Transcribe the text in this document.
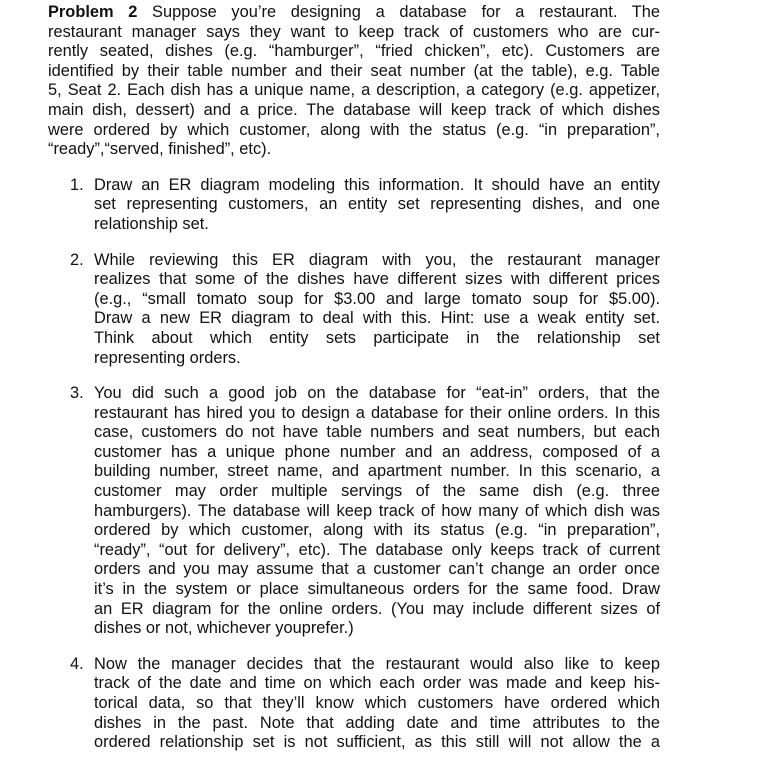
Problem 2 Suppose you’re designing a database for a restaurant. The
restaurant manager says they want to keep track of customers who are cur-
rently seated, dishes (e.g. “hamburger”, “fried chicken”, etc). Customers are
identified by their table number and their seat number (at the table), e.g. Table
5, Seat 2. Each dish has a unique name, a description, a category (e.g. appetizer,
main dish, dessert) and a price. The database will keep track of which dishes
were ordered by which customer, along with the status (e.g. “in preparation”,
“ready”,“served, finished”, etc).
1. Draw an ER diagram modeling this information. It should have an entity
set representing customers, an entity set representing dishes, and one
relationship set.
2. While reviewing this ER diagram with you, the restaurant manager
realizes that some of the dishes have different sizes with different prices
(e.g., “small tomato soup for $3.00 and large tomato soup for $5.00).
Draw a new ER diagram to deal with this. Hint: use a weak entity set.
Think about which entity sets participate in the relationship set
representing orders.
3. You did such a good job on the database for “eat-in” orders, that the
restaurant has hired you to design a database for their online orders. In this
case, customers do not have table numbers and seat numbers, but each
customer has a unique phone number and an address, composed of a
building number, street name, and apartment number. In this scenario, a
customer may order multiple servings of the same dish (e.g. three
hamburgers). The database will keep track of how many of which dish was
ordered by which customer, along with its status (e.g. “in preparation”,
“ready”, “out for delivery”, etc). The database only keeps track of current
orders and you may assume that a customer can’t change an order once
it’s in the system or place simultaneous orders for the same food. Draw
an ER diagram for the online orders. (You may include different sizes of
dishes or not, whichever youprefer.)
4. Now the manager decides that the restaurant would also like to keep
track of the date and time on which each order was made and keep his-
torical data, so that they’ll know which customers have ordered which
dishes in the past. Note that adding date and time attributes to the
ordered relationship set is not sufficient, as this still will not allow the a
